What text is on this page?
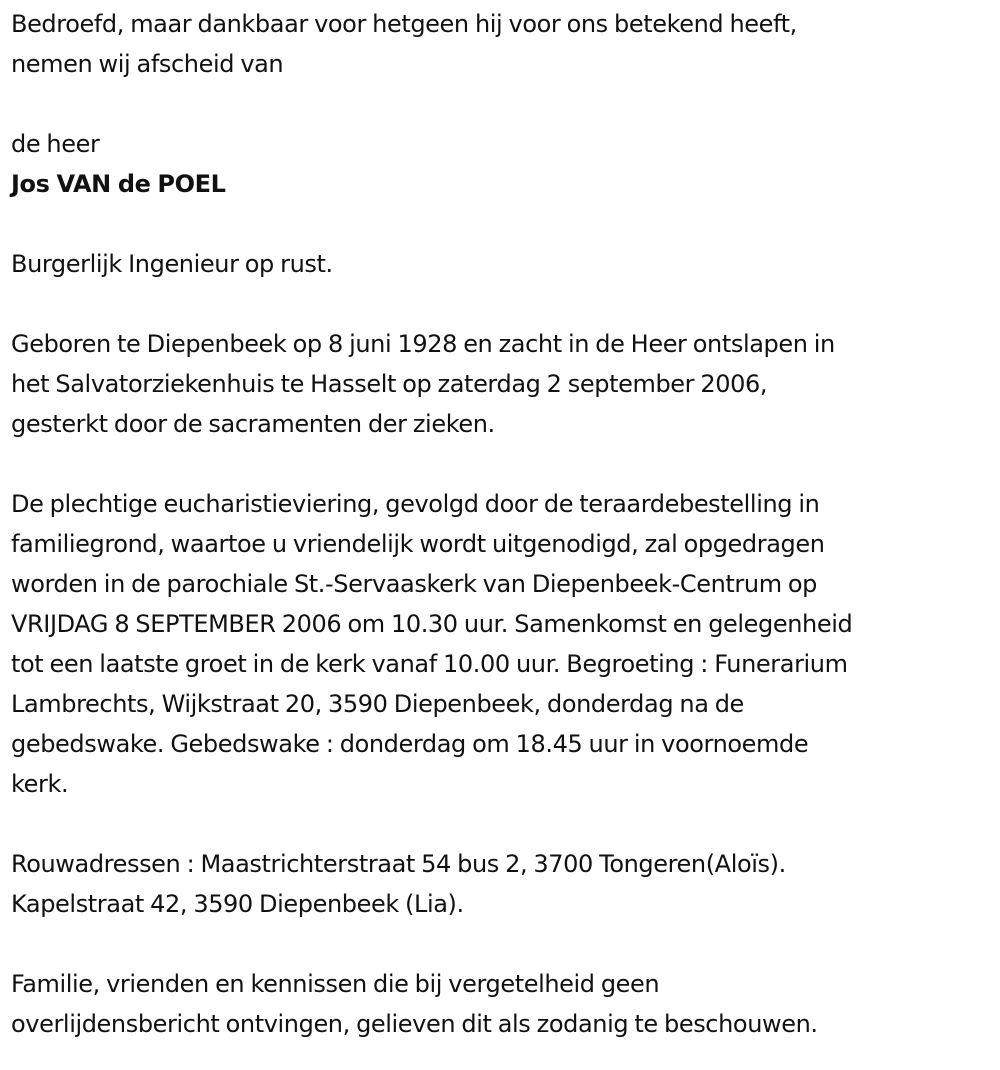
Bedroefd, maar dankbaar voor hetgeen hij voor ons betekend heeft,
nemen wij afscheid van

de heer

Jos VAN de POEL

Burgerlijk Ingenieur op rust.

Geboren te Diepenbeek op 8 juni 1928 en zacht in de Heer ontslapen in
het Salvatorziekenhuis te Hasselt op zaterdag 2 september 2006,
gesterkt door de sacramenten der zieken.

De plechtige eucharistieviering, gevolgd door de teraardebestelling in
familiegrond, waartoe u vriendelijk wordt uitgenodigd, zal opgedragen
worden in de parochiale St.-Servaaskerk van Diepenbeek-Centrum op
VRIJDAG 8 SEPTEMBER 2006 om 10.30 uur. Samenkomst en gelegenheid
tot een laatste groet in de kerk vanaf 10.00 uur. Begroeting : Funerarium
Lambrechts, Wijkstraat 20, 3590 Diepenbeek, donderdag na de
gebedswake. Gebedswake : donderdag om 18.45 uur in voornoemde
kerk.

Rouwadressen : Maastrichterstraat 54 bus 2, 3700 Tongeren(Aloïs).
Kapelstraat 42, 3590 Diepenbeek (Lia).

Familie, vrienden en kennissen die bij vergetelheid geen
overlijdensbericht ontvingen, gelieven dit als zodanig te beschouwen.
